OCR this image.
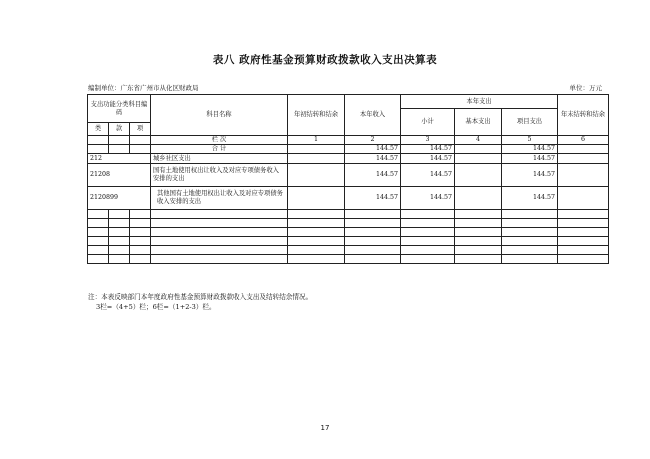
表八 政府性基金预算财政拨款收入支出决算表
编制单位：广东省广州市从化区财政局	单位：万元
支出功能分类科目编码			科目名称	年初结转和结余	本年收入	本年支出			年末结转和结余
						小计	基本支出	项目支出	
类	款	项							
			栏 次	1	2	3	4	5	6
			合 计		144.57	144.57		144.57	
212			城乡社区支出		144.57	144.57		144.57	
21208			国有土地使用权出让收入及对应专项债务收入安排的支出		144.57	144.57		144.57	
2120899			其他国有土地使用权出让收入及对应专项债务收入安排的支出		144.57	144.57		144.57	

注：本表反映部门本年度政府性基金预算财政拨款收入支出及结转结余情况。
3栏=（4+5）栏；6栏=（1+2-3）栏。
17
